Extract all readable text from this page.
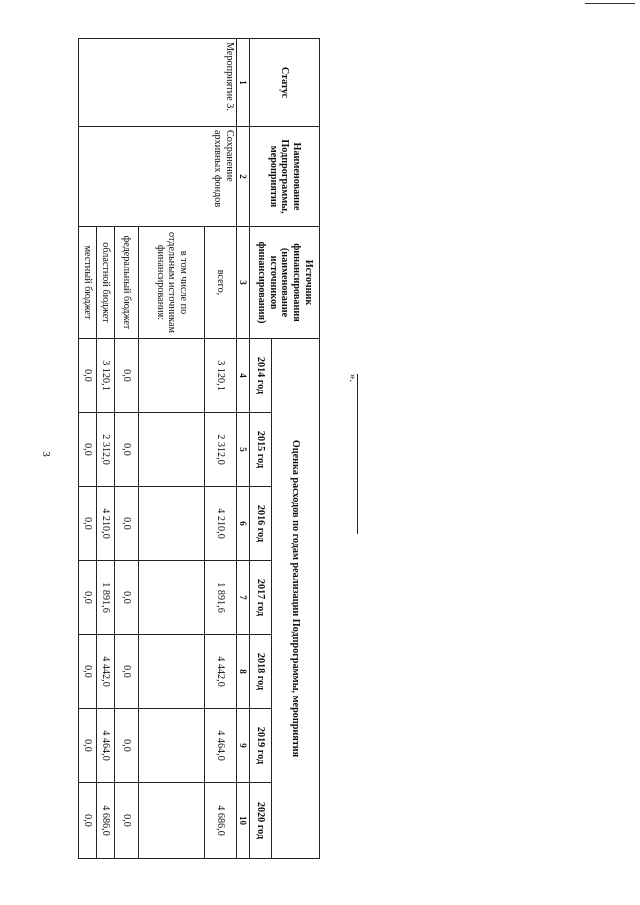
3
Статус	Наименование Подпрограммы, мероприятия	Источник финансирования (наименование источников финансирования)	Оценка расходов по годам реализации Подпрограммы, мероприятия						
			2014 год	2015 год	2016 год	2017 год	2018 год	2019 год	2020 год
1	2	3	4	5	6	7	8	9	10
Мероприятие 3.	Сохранение архивных фондов	всего,	3 120,1	2 312,0	4 210,0	1 891,6	4 442,0	4 464,0	4 686,0
		в том числе по отдельным источникам финансирования:							
		федеральный бюджет	0,0	0,0	0,0	0,0	0,0	0,0	0,0
		областной бюджет	3 120,1	2 312,0	4 210,0	1 891,6	4 442,0	4 464,0	4 686,0
		местный бюджет	0,0	0,0	0,0	0,0	0,0	0,0	0,0
».
